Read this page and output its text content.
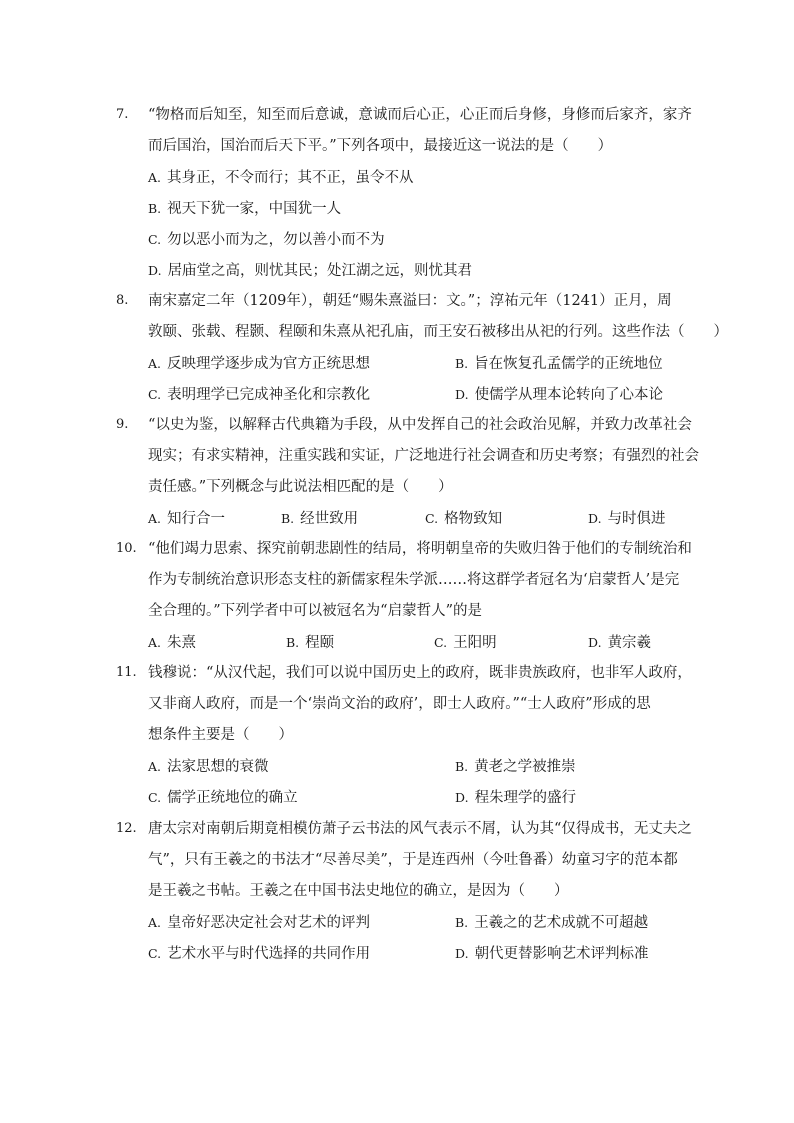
7. “物格而后知至，知至而后意诚，意诚而后心正，心正而后身修，身修而后家齐，家齐
而后国治，国治而后天下平。”下列各项中，最接近这一说法的是（　　）
A. 其身正，不令而行；其不正，虽令不从
B. 视天下犹一家，中国犹一人
C. 勿以恶小而为之，勿以善小而不为
D. 居庙堂之高，则忧其民；处江湖之远，则忧其君
8. 南宋嘉定二年（1209年），朝廷“赐朱熹溢曰：文。”；淳祐元年（1241）正月，周
敦颐、张载、程颢、程颐和朱熹从祀孔庙，而王安石被移出从祀的行列。这些作法（　　）
A. 反映理学逐步成为官方正统思想	B. 旨在恢复孔孟儒学的正统地位
C. 表明理学已完成神圣化和宗教化	D. 使儒学从理本论转向了心本论
9. “以史为鉴，以解释古代典籍为手段，从中发挥自己的社会政治见解，并致力改革社会
现实；有求实精神，注重实践和实证，广泛地进行社会调查和历史考察；有强烈的社会
责任感。”下列概念与此说法相匹配的是（　　）
A. 知行合一	B. 经世致用	C. 格物致知	D. 与时俱进
10. “他们竭力思索、探究前朝悲剧性的结局，将明朝皇帝的失败归咎于他们的专制统治和
作为专制统治意识形态支柱的新儒家程朱学派……将这群学者冠名为‘启蒙哲人’是完
全合理的。”下列学者中可以被冠名为“启蒙哲人”的是
A. 朱熹	B. 程颐	C. 王阳明	D. 黄宗羲
11. 钱穆说：“从汉代起，我们可以说中国历史上的政府，既非贵族政府，也非军人政府，
又非商人政府，而是一个‘崇尚文治的政府’，即士人政府。”“士人政府”形成的思
想条件主要是（　　）
A. 法家思想的衰微	B. 黄老之学被推崇
C. 儒学正统地位的确立	D. 程朱理学的盛行
12. 唐太宗对南朝后期竟相模仿萧子云书法的风气表示不屑，认为其“仅得成书，无丈夫之
气”，只有王羲之的书法才“尽善尽美”，于是连西州（今吐鲁番）幼童习字的范本都
是王羲之书帖。王羲之在中国书法史地位的确立，是因为（　　）
A. 皇帝好恶决定社会对艺术的评判	B. 王羲之的艺术成就不可超越
C. 艺术水平与时代选择的共同作用	D. 朝代更替影响艺术评判标准
